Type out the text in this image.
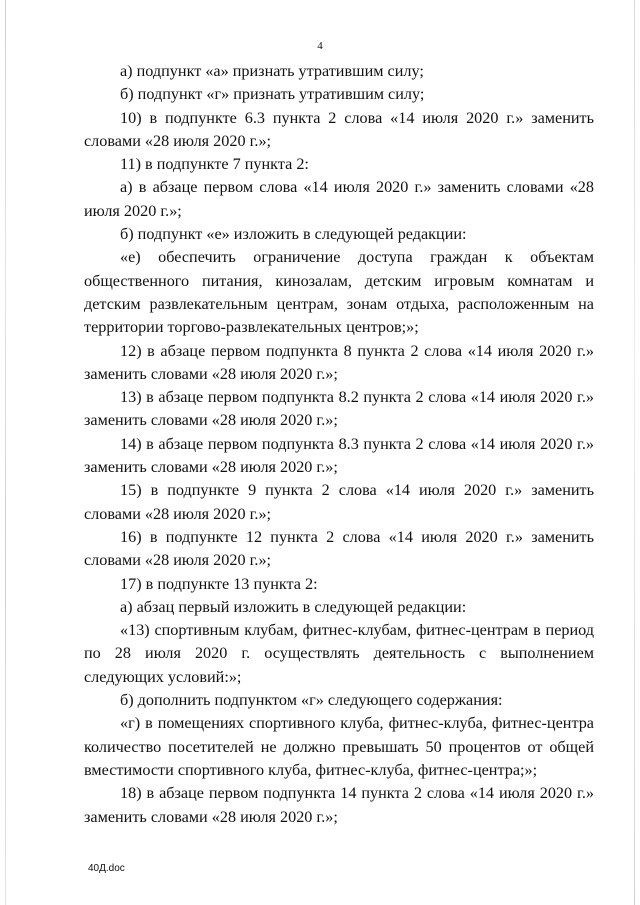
4

а) подпункт «а» признать утратившим силу;

б) подпункт «г» признать утратившим силу;

10) в подпункте 6.3 пункта 2 слова «14 июля 2020 г.» заменить словами «28 июля 2020 г.»;

11) в подпункте 7 пункта 2:

а) в абзаце первом слова «14 июля 2020 г.» заменить словами «28 июля 2020 г.»;

б) подпункт «е» изложить в следующей редакции:

«е) обеспечить ограничение доступа граждан к объектам общественного питания, кинозалам, детским игровым комнатам и детским развлекательным центрам, зонам отдыха, расположенным на территории торгово-развлекательных центров;»;

12) в абзаце первом подпункта 8 пункта 2 слова «14 июля 2020 г.» заменить словами «28 июля 2020 г.»;

13) в абзаце первом подпункта 8.2 пункта 2 слова «14 июля 2020 г.» заменить словами «28 июля 2020 г.»;

14) в абзаце первом подпункта 8.3 пункта 2 слова «14 июля 2020 г.» заменить словами «28 июля 2020 г.»;

15) в подпункте 9 пункта 2 слова «14 июля 2020 г.» заменить словами «28 июля 2020 г.»;

16) в подпункте 12 пункта 2 слова «14 июля 2020 г.» заменить словами «28 июля 2020 г.»;

17) в подпункте 13 пункта 2:

а) абзац первый изложить в следующей редакции:

«13) спортивным клубам, фитнес-клубам, фитнес-центрам в период по 28 июля 2020 г. осуществлять деятельность с выполнением следующих условий:»;

б) дополнить подпунктом «г» следующего содержания:

«г) в помещениях спортивного клуба, фитнес-клуба, фитнес-центра количество посетителей не должно превышать 50 процентов от общей вместимости спортивного клуба, фитнес-клуба, фитнес-центра;»;

18) в абзаце первом подпункта 14 пункта 2 слова «14 июля 2020 г.» заменить словами «28 июля 2020 г.»;

40Д.doc
